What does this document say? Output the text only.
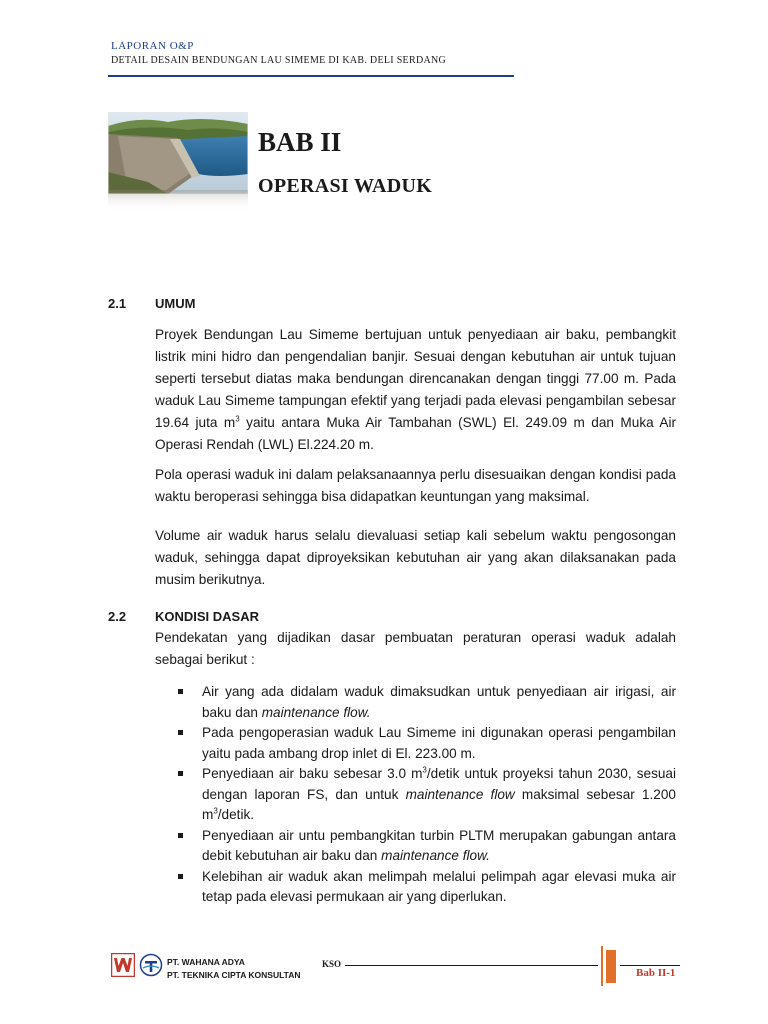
LAPORAN O&P
DETAIL DESAIN BENDUNGAN LAU SIMEME DI KAB. DELI SERDANG
BAB II
OPERASI WADUK
2.1 UMUM
Proyek Bendungan Lau Simeme bertujuan untuk penyediaan air baku, pembangkit listrik mini hidro dan pengendalian banjir. Sesuai dengan kebutuhan air untuk tujuan seperti tersebut diatas maka bendungan direncanakan dengan tinggi 77.00 m. Pada waduk Lau Simeme tampungan efektif yang terjadi pada elevasi pengambilan sebesar 19.64 juta $m^3$ yaitu antara Muka Air Tambahan (SWL) El. 249.09 m dan Muka Air Operasi Rendah (LWL) El.224.20 m.
Pola operasi waduk ini dalam pelaksanaannya perlu disesuaikan dengan kondisi pada waktu beroperasi sehingga bisa didapatkan keuntungan yang maksimal.
Volume air waduk harus selalu dievaluasi setiap kali sebelum waktu pengosongan waduk, sehingga dapat diproyeksikan kebutuhan air yang akan dilaksanakan pada musim berikutnya.
2.2 KONDISI DASAR
Pendekatan yang dijadikan dasar pembuatan peraturan operasi waduk adalah sebagai berikut :
Air yang ada didalam waduk dimaksudkan untuk penyediaan air irigasi, air baku dan maintenance flow.
Pada pengoperasian waduk Lau Simeme ini digunakan operasi pengambilan yaitu pada ambang drop inlet di El. 223.00 m.
Penyediaan air baku sebesar 3.0 $m^3$/detik untuk proyeksi tahun 2030, sesuai dengan laporan FS, dan untuk maintenance flow maksimal sebesar 1.200 $m^3$/detik.
Penyediaan air untu pembangkitan turbin PLTM merupakan gabungan antara debit kebutuhan air baku dan maintenance flow.
Kelebihan air waduk akan melimpah melalui pelimpah agar elevasi muka air tetap pada elevasi permukaan air yang diperlukan.
PT. WAHANA ADYA
PT. TEKNIKA CIPTA KONSULTAN
KSO
Bab II-1
